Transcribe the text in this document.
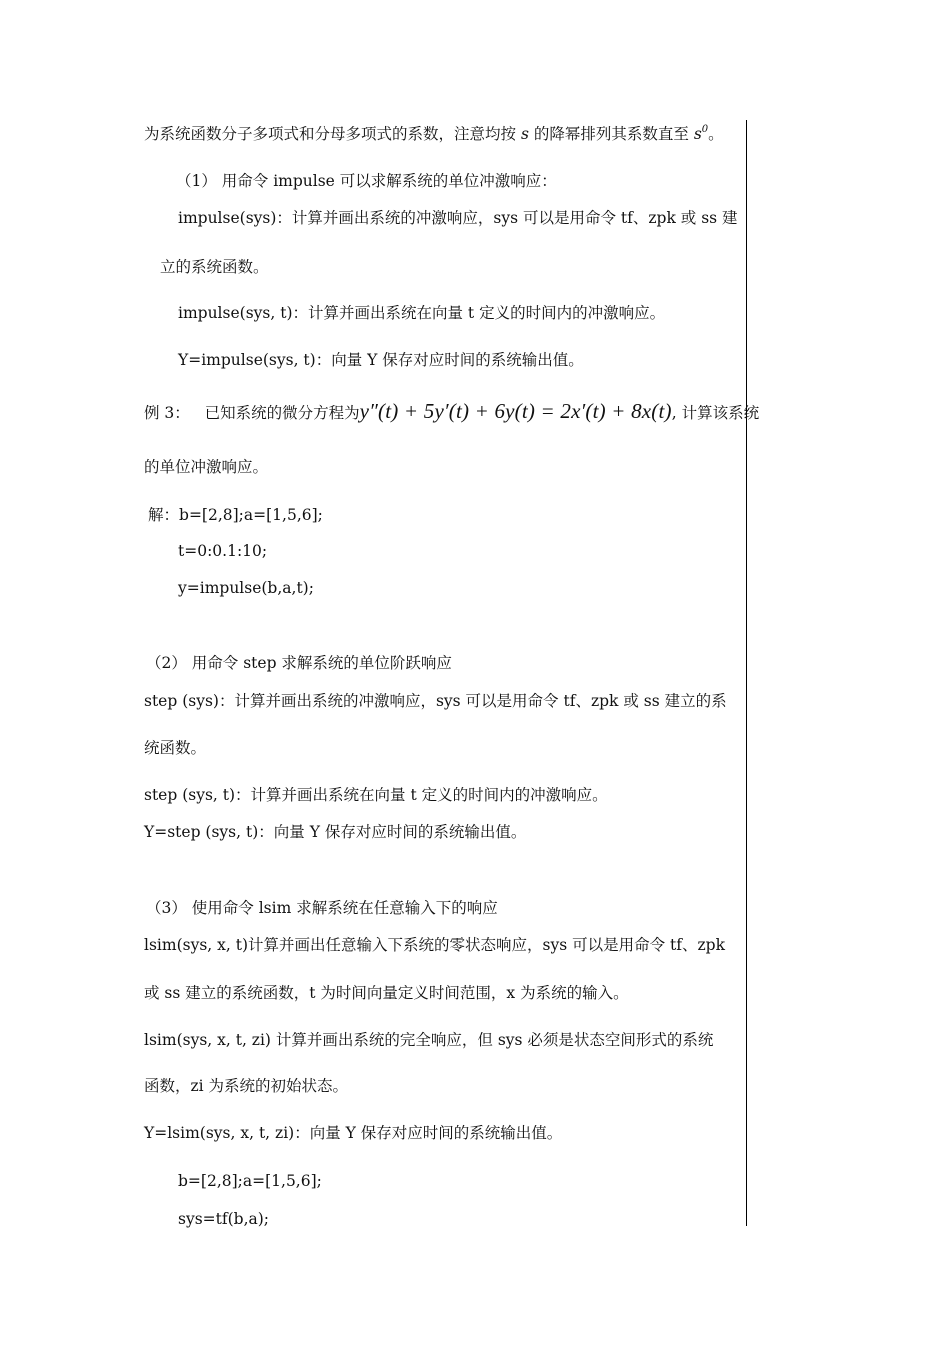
为系统函数分子多项式和分母多项式的系数，注意均按 s 的降幂排列其系数直至 $s^0$。
（1） 用命令 impulse 可以求解系统的单位冲激响应：
impulse(sys)：计算并画出系统的冲激响应，sys 可以是用命令 tf、zpk 或 ss 建
立的系统函数。
impulse(sys, t)：计算并画出系统在向量 t 定义的时间内的冲激响应。
Y=impulse(sys, t)：向量 Y 保存对应时间的系统输出值。
例 3： 已知系统的微分方程为y″(t) + 5y′(t) + 6y(t) = 2x′(t) + 8x(t), 计算该系统
的单位冲激响应。
解：b=[2,8];a=[1,5,6];
t=0:0.1:10;
y=impulse(b,a,t);
（2） 用命令 step 求解系统的单位阶跃响应
step (sys)：计算并画出系统的冲激响应，sys 可以是用命令 tf、zpk 或 ss 建立的系
统函数。
step (sys, t)：计算并画出系统在向量 t 定义的时间内的冲激响应。
Y=step (sys, t)：向量 Y 保存对应时间的系统输出值。
（3） 使用命令 lsim 求解系统在任意输入下的响应
lsim(sys, x, t)计算并画出任意输入下系统的零状态响应，sys 可以是用命令 tf、zpk
或 ss 建立的系统函数，t 为时间向量定义时间范围，x 为系统的输入。
lsim(sys, x, t, zi) 计算并画出系统的完全响应，但 sys 必须是状态空间形式的系统
函数，zi 为系统的初始状态。
Y=lsim(sys, x, t, zi)：向量 Y 保存对应时间的系统输出值。
b=[2,8];a=[1,5,6];
sys=tf(b,a);
